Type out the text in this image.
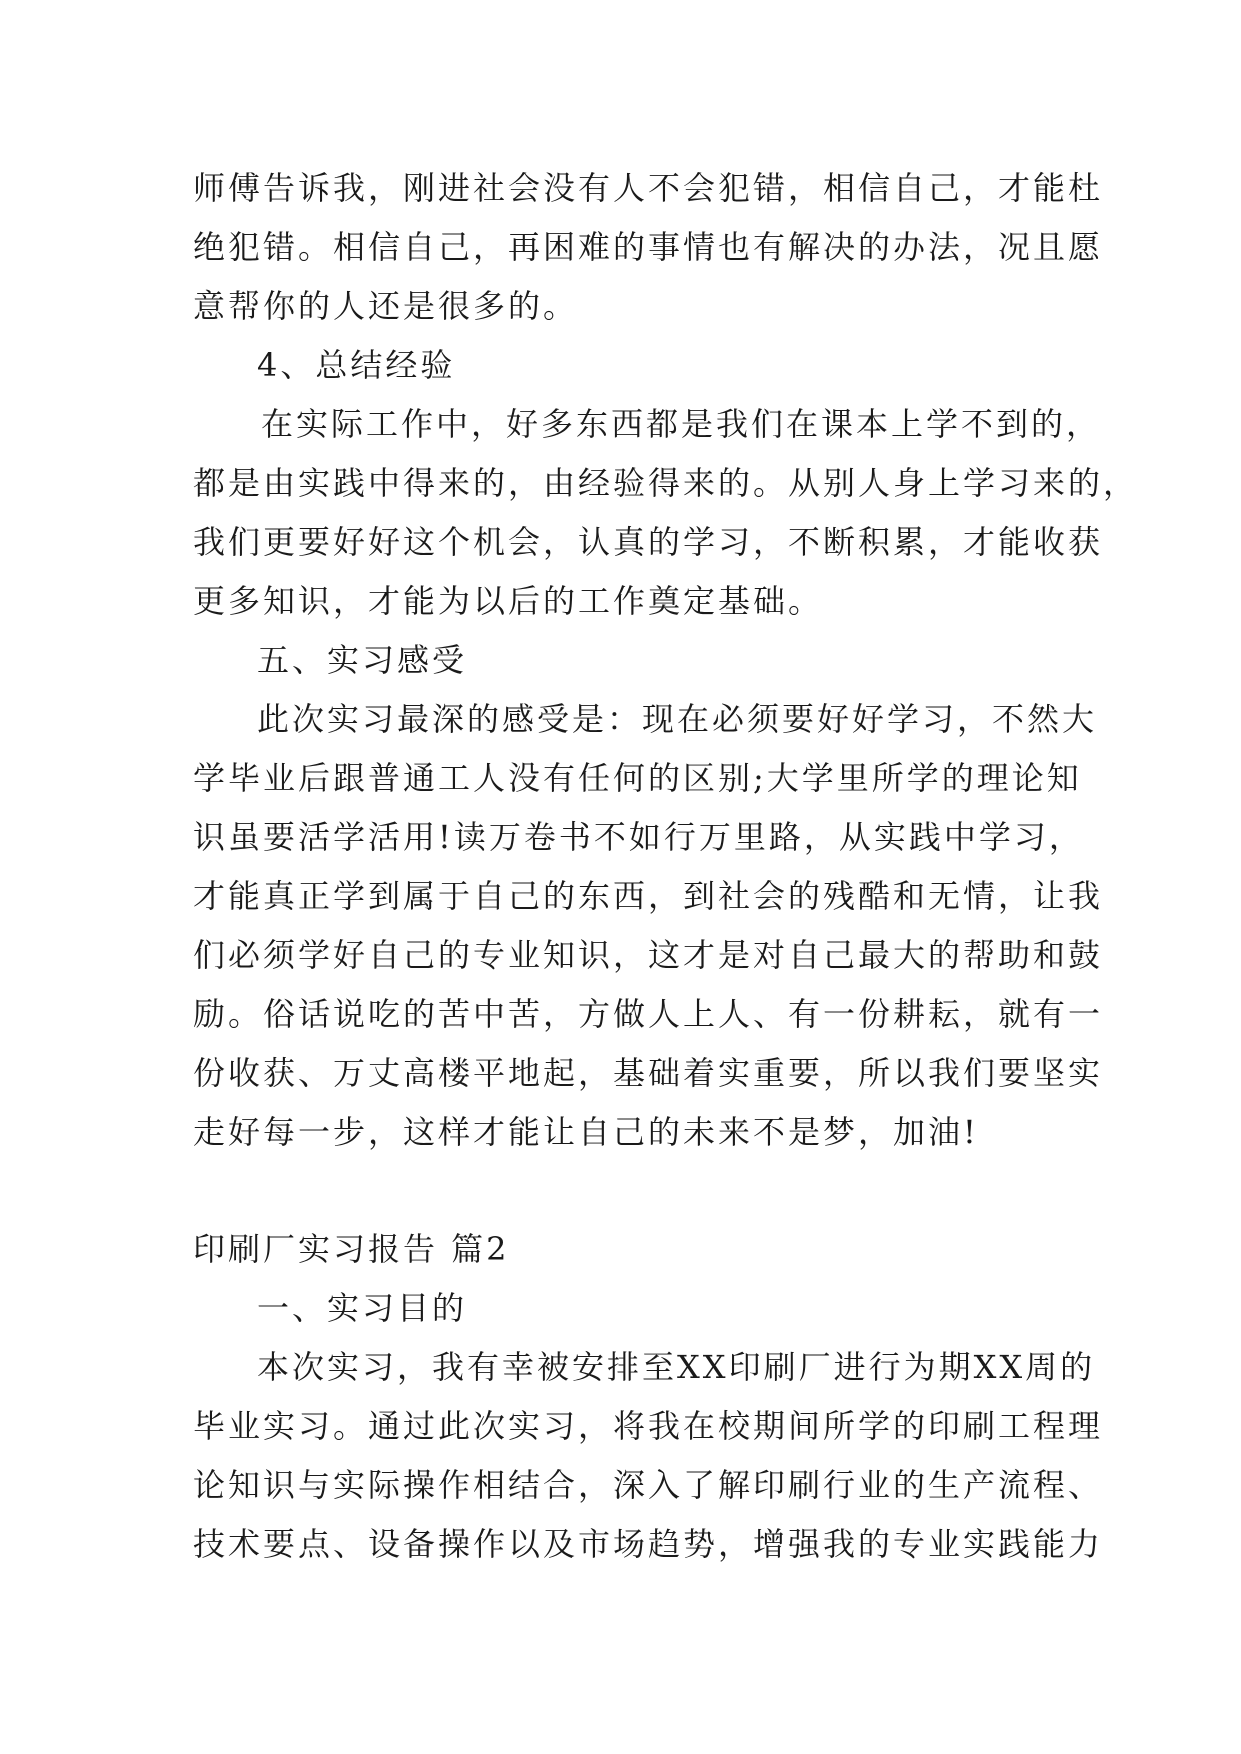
师傅告诉我，刚进社会没有人不会犯错，相信自己，才能杜
绝犯错。相信自己，再困难的事情也有解决的办法，况且愿
意帮你的人还是很多的。
4、总结经验
在实际工作中，好多东西都是我们在课本上学不到的，
都是由实践中得来的，由经验得来的。从别人身上学习来的，
我们更要好好这个机会，认真的学习，不断积累，才能收获
更多知识，才能为以后的工作奠定基础。
五、实习感受
此次实习最深的感受是：现在必须要好好学习，不然大
学毕业后跟普通工人没有任何的区别;大学里所学的理论知
识虽要活学活用!读万卷书不如行万里路，从实践中学习，
才能真正学到属于自己的东西，到社会的残酷和无情，让我
们必须学好自己的专业知识，这才是对自己最大的帮助和鼓
励。俗话说吃的苦中苦，方做人上人、有一份耕耘，就有一
份收获、万丈高楼平地起，基础着实重要，所以我们要坚实
走好每一步，这样才能让自己的未来不是梦，加油!
印刷厂实习报告 篇2
一、实习目的
本次实习，我有幸被安排至XX印刷厂进行为期XX周的
毕业实习。通过此次实习，将我在校期间所学的印刷工程理
论知识与实际操作相结合，深入了解印刷行业的生产流程、
技术要点、设备操作以及市场趋势，增强我的专业实践能力
